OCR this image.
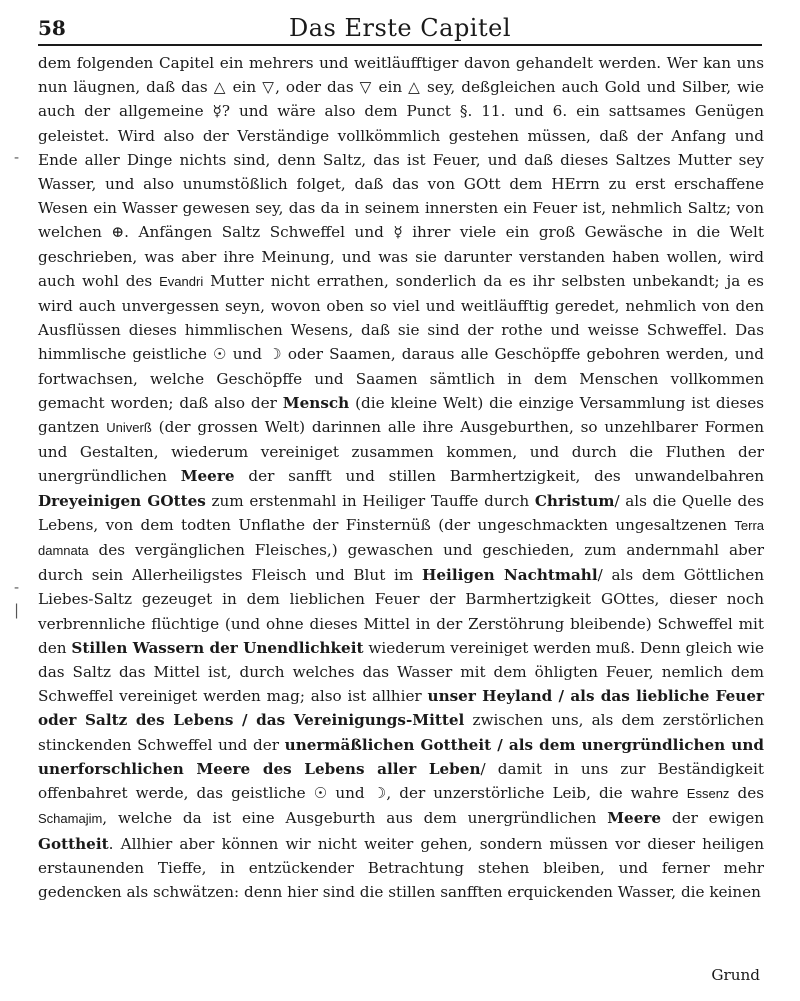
58	Das Erste Capitel
-
-
|
dem folgenden Capitel ein mehrers und weitläufftiger davon gehandelt werden. Wer kan uns nun läugnen, daß das △ ein ▽, oder das ▽ ein △ sey, deßgleichen auch Gold und Silber, wie auch der allgemeine ☿? und wäre also dem Punct §. 11. und 6. ein sattsames Genügen geleistet. Wird also der Verständige vollkömmlich gestehen müssen, daß der Anfang und Ende aller Dinge nichts sind, denn Saltz, das ist Feuer, und daß dieses Saltzes Mutter sey Wasser, und also unumstößlich folget, daß das von GOtt dem HErrn zu erst erschaffene Wesen ein Wasser gewesen sey, das da in seinem innersten ein Feuer ist, nehmlich Saltz; von welchen ⊕. Anfängen Saltz Schweffel und ☿ ihrer viele ein groß Gewäsche in die Welt geschrieben, was aber ihre Meinung, und was sie darunter verstanden haben wollen, wird auch wohl des Evandri Mutter nicht errathen, sonderlich da es ihr selbsten unbekandt; ja es wird auch unvergessen seyn, wovon oben so viel und weitläufftig geredet, nehmlich von den Ausflüssen dieses himmlischen Wesens, daß sie sind der rothe und weisse Schweffel. Das himmlische geistliche ☉ und ☽ oder Saamen, daraus alle Geschöpffe gebohren werden, und fortwachsen, welche Geschöpffe und Saamen sämtlich in dem Menschen vollkommen gemacht worden; daß also der Mensch (die kleine Welt) die einzige Versammlung ist dieses gantzen Univerß (der grossen Welt) darinnen alle ihre Ausgeburthen, so unzehlbarer Formen und Gestalten, wiederum vereiniget zusammen kommen, und durch die Fluthen der unergründlichen Meere der sanfft und stillen Barmhertzigkeit, des unwandelbahren Dreyeinigen GOttes zum erstenmahl in Heiliger Tauffe durch Christum/ als die Quelle des Lebens, von dem todten Unflathe der Finsternüß (der ungeschmackten ungesaltzenen Terra damnata des vergänglichen Fleisches,) gewaschen und geschieden, zum andernmahl aber durch sein Allerheiligstes Fleisch und Blut im Heiligen Nachtmahl/ als dem Göttlichen Liebes-Saltz gezeuget in dem lieblichen Feuer der Barmhertzigkeit GOttes, dieser noch verbrennliche flüchtige (und ohne dieses Mittel in der Zerstöhrung bleibende) Schweffel mit den Stillen Wassern der Unendlichkeit wiederum vereiniget werden muß. Denn gleich wie das Saltz das Mittel ist, durch welches das Wasser mit dem öhligten Feuer, nemlich dem Schweffel vereiniget werden mag; also ist allhier unser Heyland / als das liebliche Feuer oder Saltz des Lebens / das Vereinigungs-Mittel zwischen uns, als dem zerstörlichen stinckenden Schweffel und der unermäßlichen Gottheit / als dem unergründlichen und unerforschlichen Meere des Lebens aller Leben/ damit in uns zur Beständigkeit offenbahret werde, das geistliche ☉ und ☽, der unzerstörliche Leib, die wahre Essenz des Schamajim, welche da ist eine Ausgeburth aus dem unergründlichen Meere der ewigen Gottheit. Allhier aber können wir nicht weiter gehen, sondern müssen vor dieser heiligen erstaunenden Tieffe, in entzückender Betrachtung stehen bleiben, und ferner mehr gedencken als schwätzen: denn hier sind die stillen sanfften erquickenden Wasser, die keinen
Grund
